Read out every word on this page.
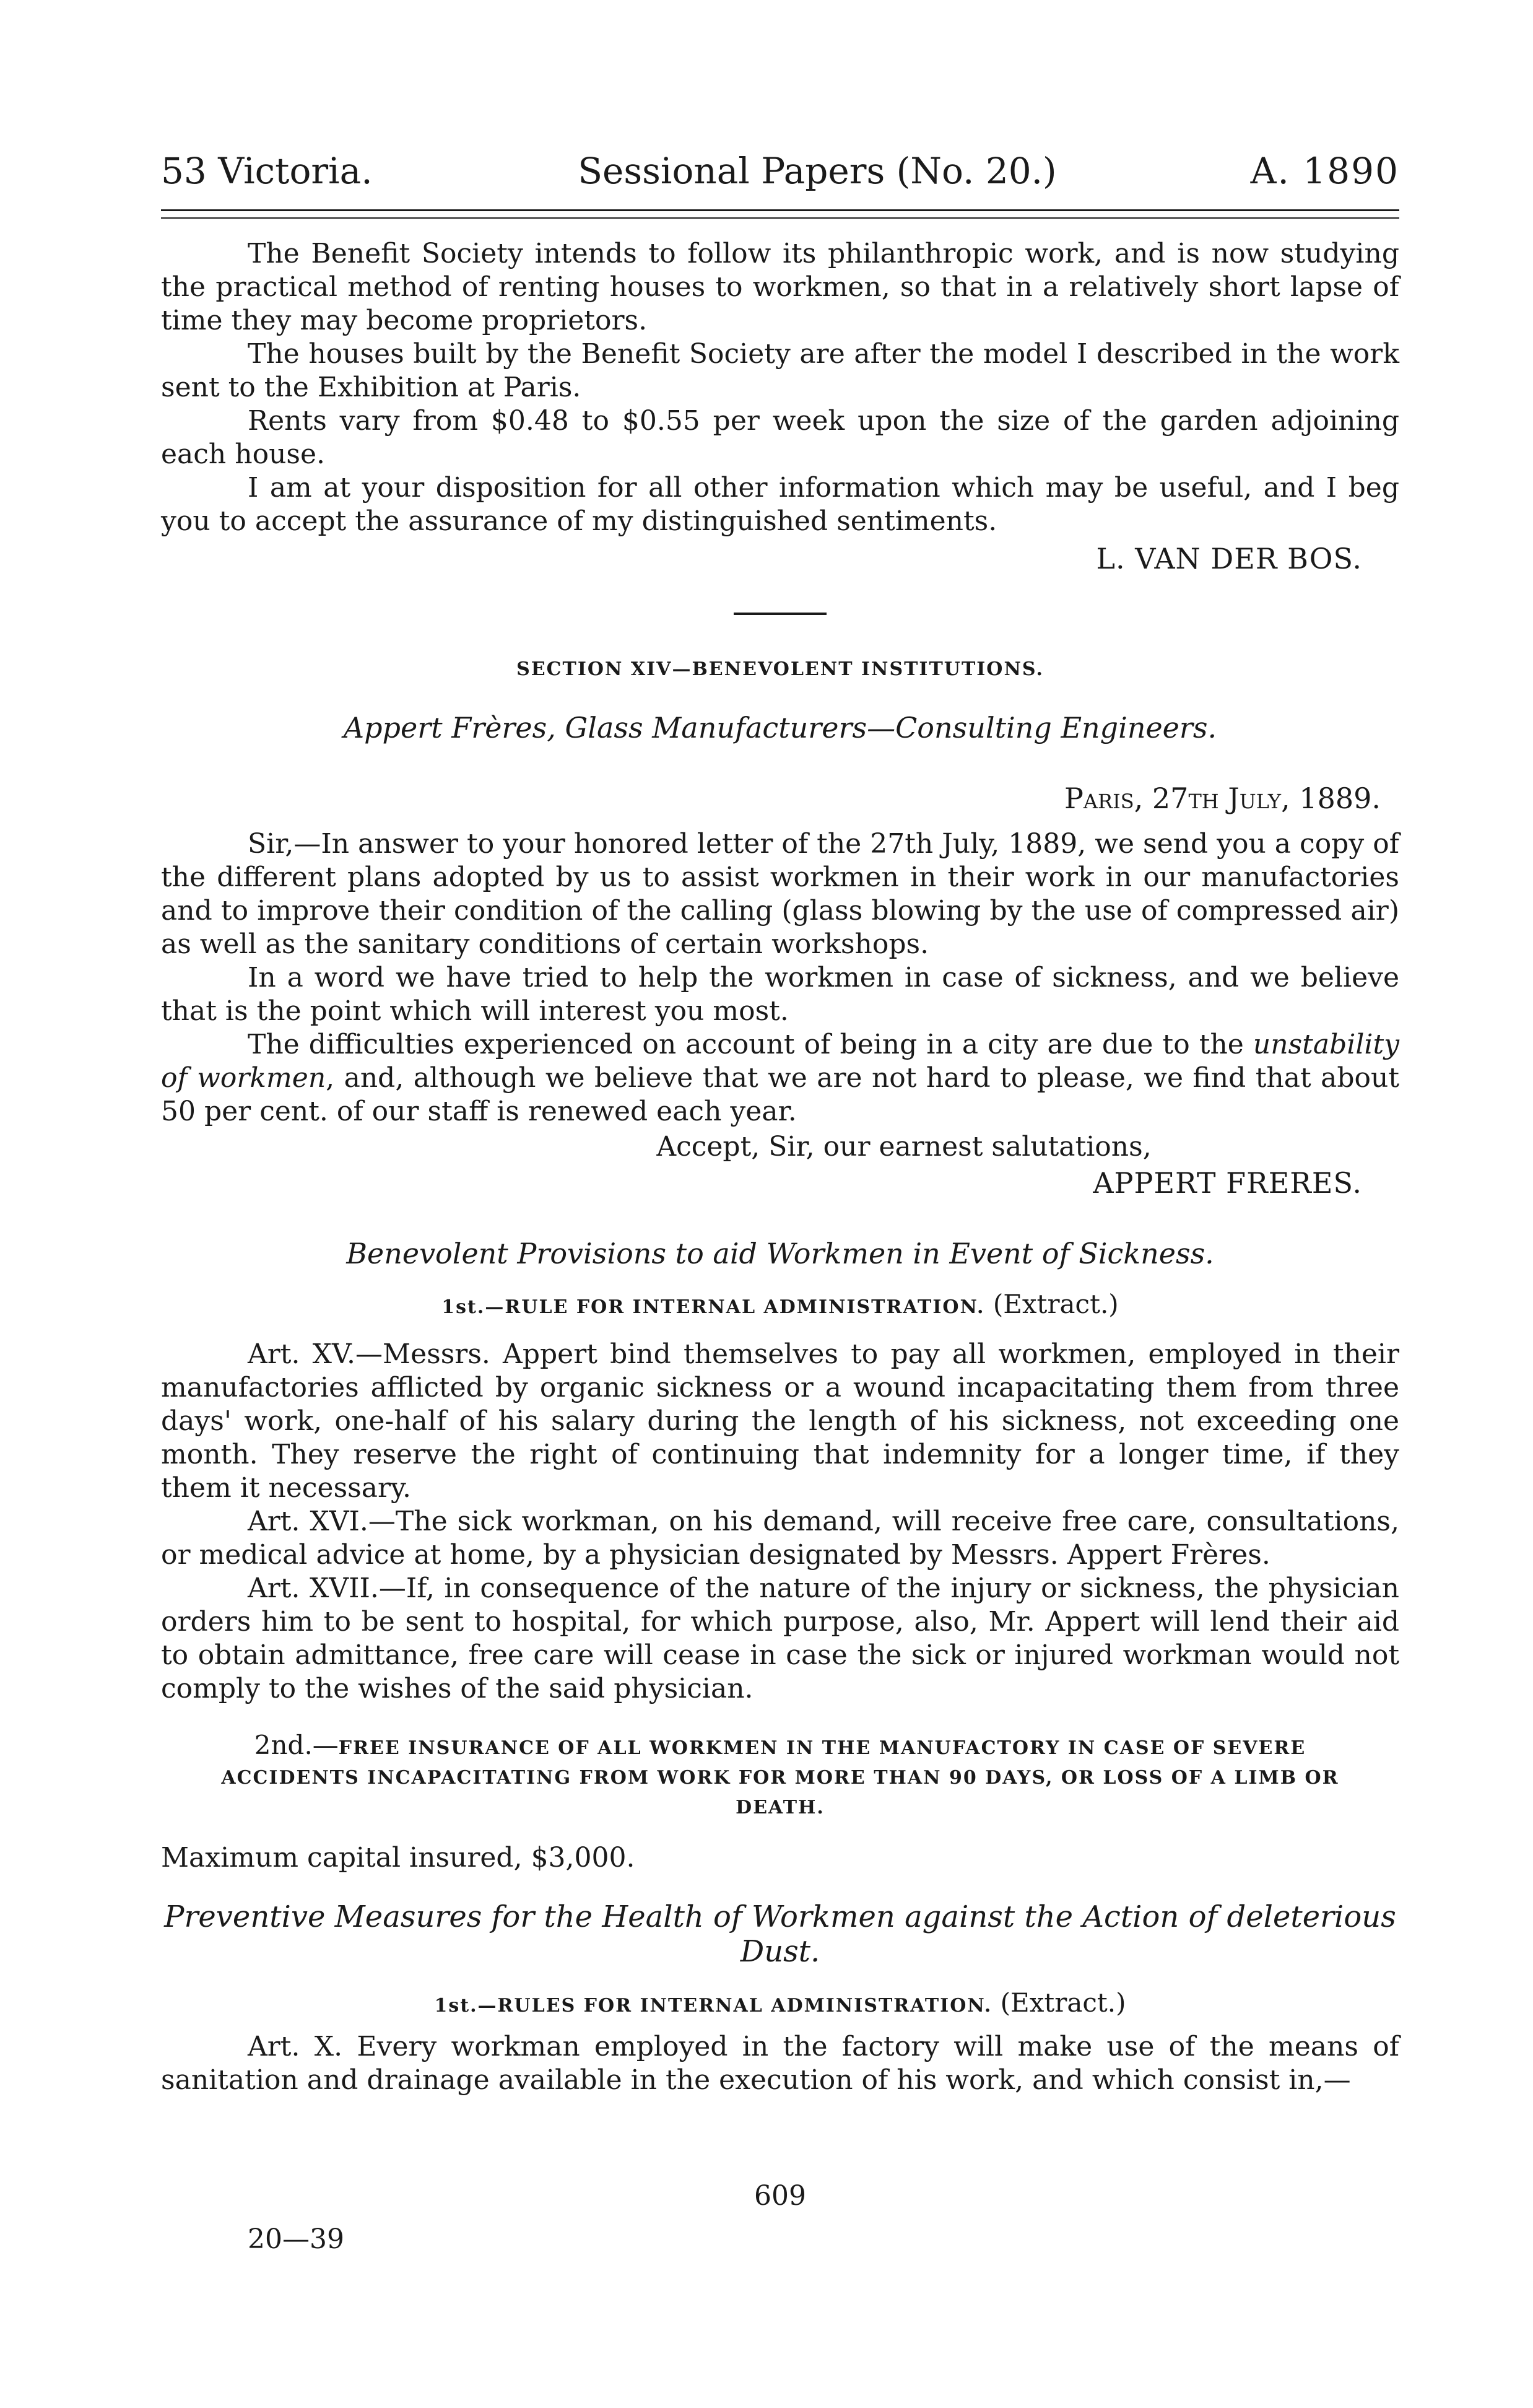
53 Victoria.	Sessional Papers (No. 20.)	A. 1890

The Benefit Society intends to follow its philanthropic work, and is now studying the practical method of renting houses to workmen, so that in a relatively short lapse of time they may become proprietors.

The houses built by the Benefit Society are after the model I described in the work sent to the Exhibition at Paris.

Rents vary from $0.48 to $0.55 per week upon the size of the garden adjoining each house.

I am at your disposition for all other information which may be useful, and I beg you to accept the assurance of my distinguished sentiments.

L. VAN DER BOS.
SECTION XIV—BENEVOLENT INSTITUTIONS.
Appert Frères, Glass Manufacturers—Consulting Engineers.
Paris, 27th July, 1889.

Sir,—In answer to your honored letter of the 27th July, 1889, we send you a copy of the different plans adopted by us to assist workmen in their work in our manufactories and to improve their condition of the calling (glass blowing by the use of compressed air) as well as the sanitary conditions of certain workshops.

In a word we have tried to help the workmen in case of sickness, and we believe that is the point which will interest you most.

The difficulties experienced on account of being in a city are due to the unstability of workmen, and, although we believe that we are not hard to please, we find that about 50 per cent. of our staff is renewed each year.

Accept, Sir, our earnest salutations,
APPERT FRERES.
Benevolent Provisions to aid Workmen in Event of Sickness.
1st.—RULE FOR INTERNAL ADMINISTRATION. (Extract.)

Art. XV.—Messrs. Appert bind themselves to pay all workmen, employed in their manufactories afflicted by organic sickness or a wound incapacitating them from three days' work, one-half of his salary during the length of his sickness, not exceeding one month. They reserve the right of continuing that indemnity for a longer time, if they them it necessary.

Art. XVI.—The sick workman, on his demand, will receive free care, consultations, or medical advice at home, by a physician designated by Messrs. Appert Frères.

Art. XVII.—If, in consequence of the nature of the injury or sickness, the physician orders him to be sent to hospital, for which purpose, also, Mr. Appert will lend their aid to obtain admittance, free care will cease in case the sick or injured workman would not comply to the wishes of the said physician.

2nd.—FREE INSURANCE OF ALL WORKMEN IN THE MANUFACTORY IN CASE OF SEVERE ACCIDENTS INCAPACITATING FROM WORK FOR MORE THAN 90 DAYS, OR LOSS OF A LIMB OR DEATH.

Maximum capital insured, $3,000.

Preventive Measures for the Health of Workmen against the Action of deleterious Dust.
1st.—RULES FOR INTERNAL ADMINISTRATION. (Extract.)

Art. X. Every workman employed in the factory will make use of the means of sanitation and drainage available in the execution of his work, and which consist in,—

609
20—39
